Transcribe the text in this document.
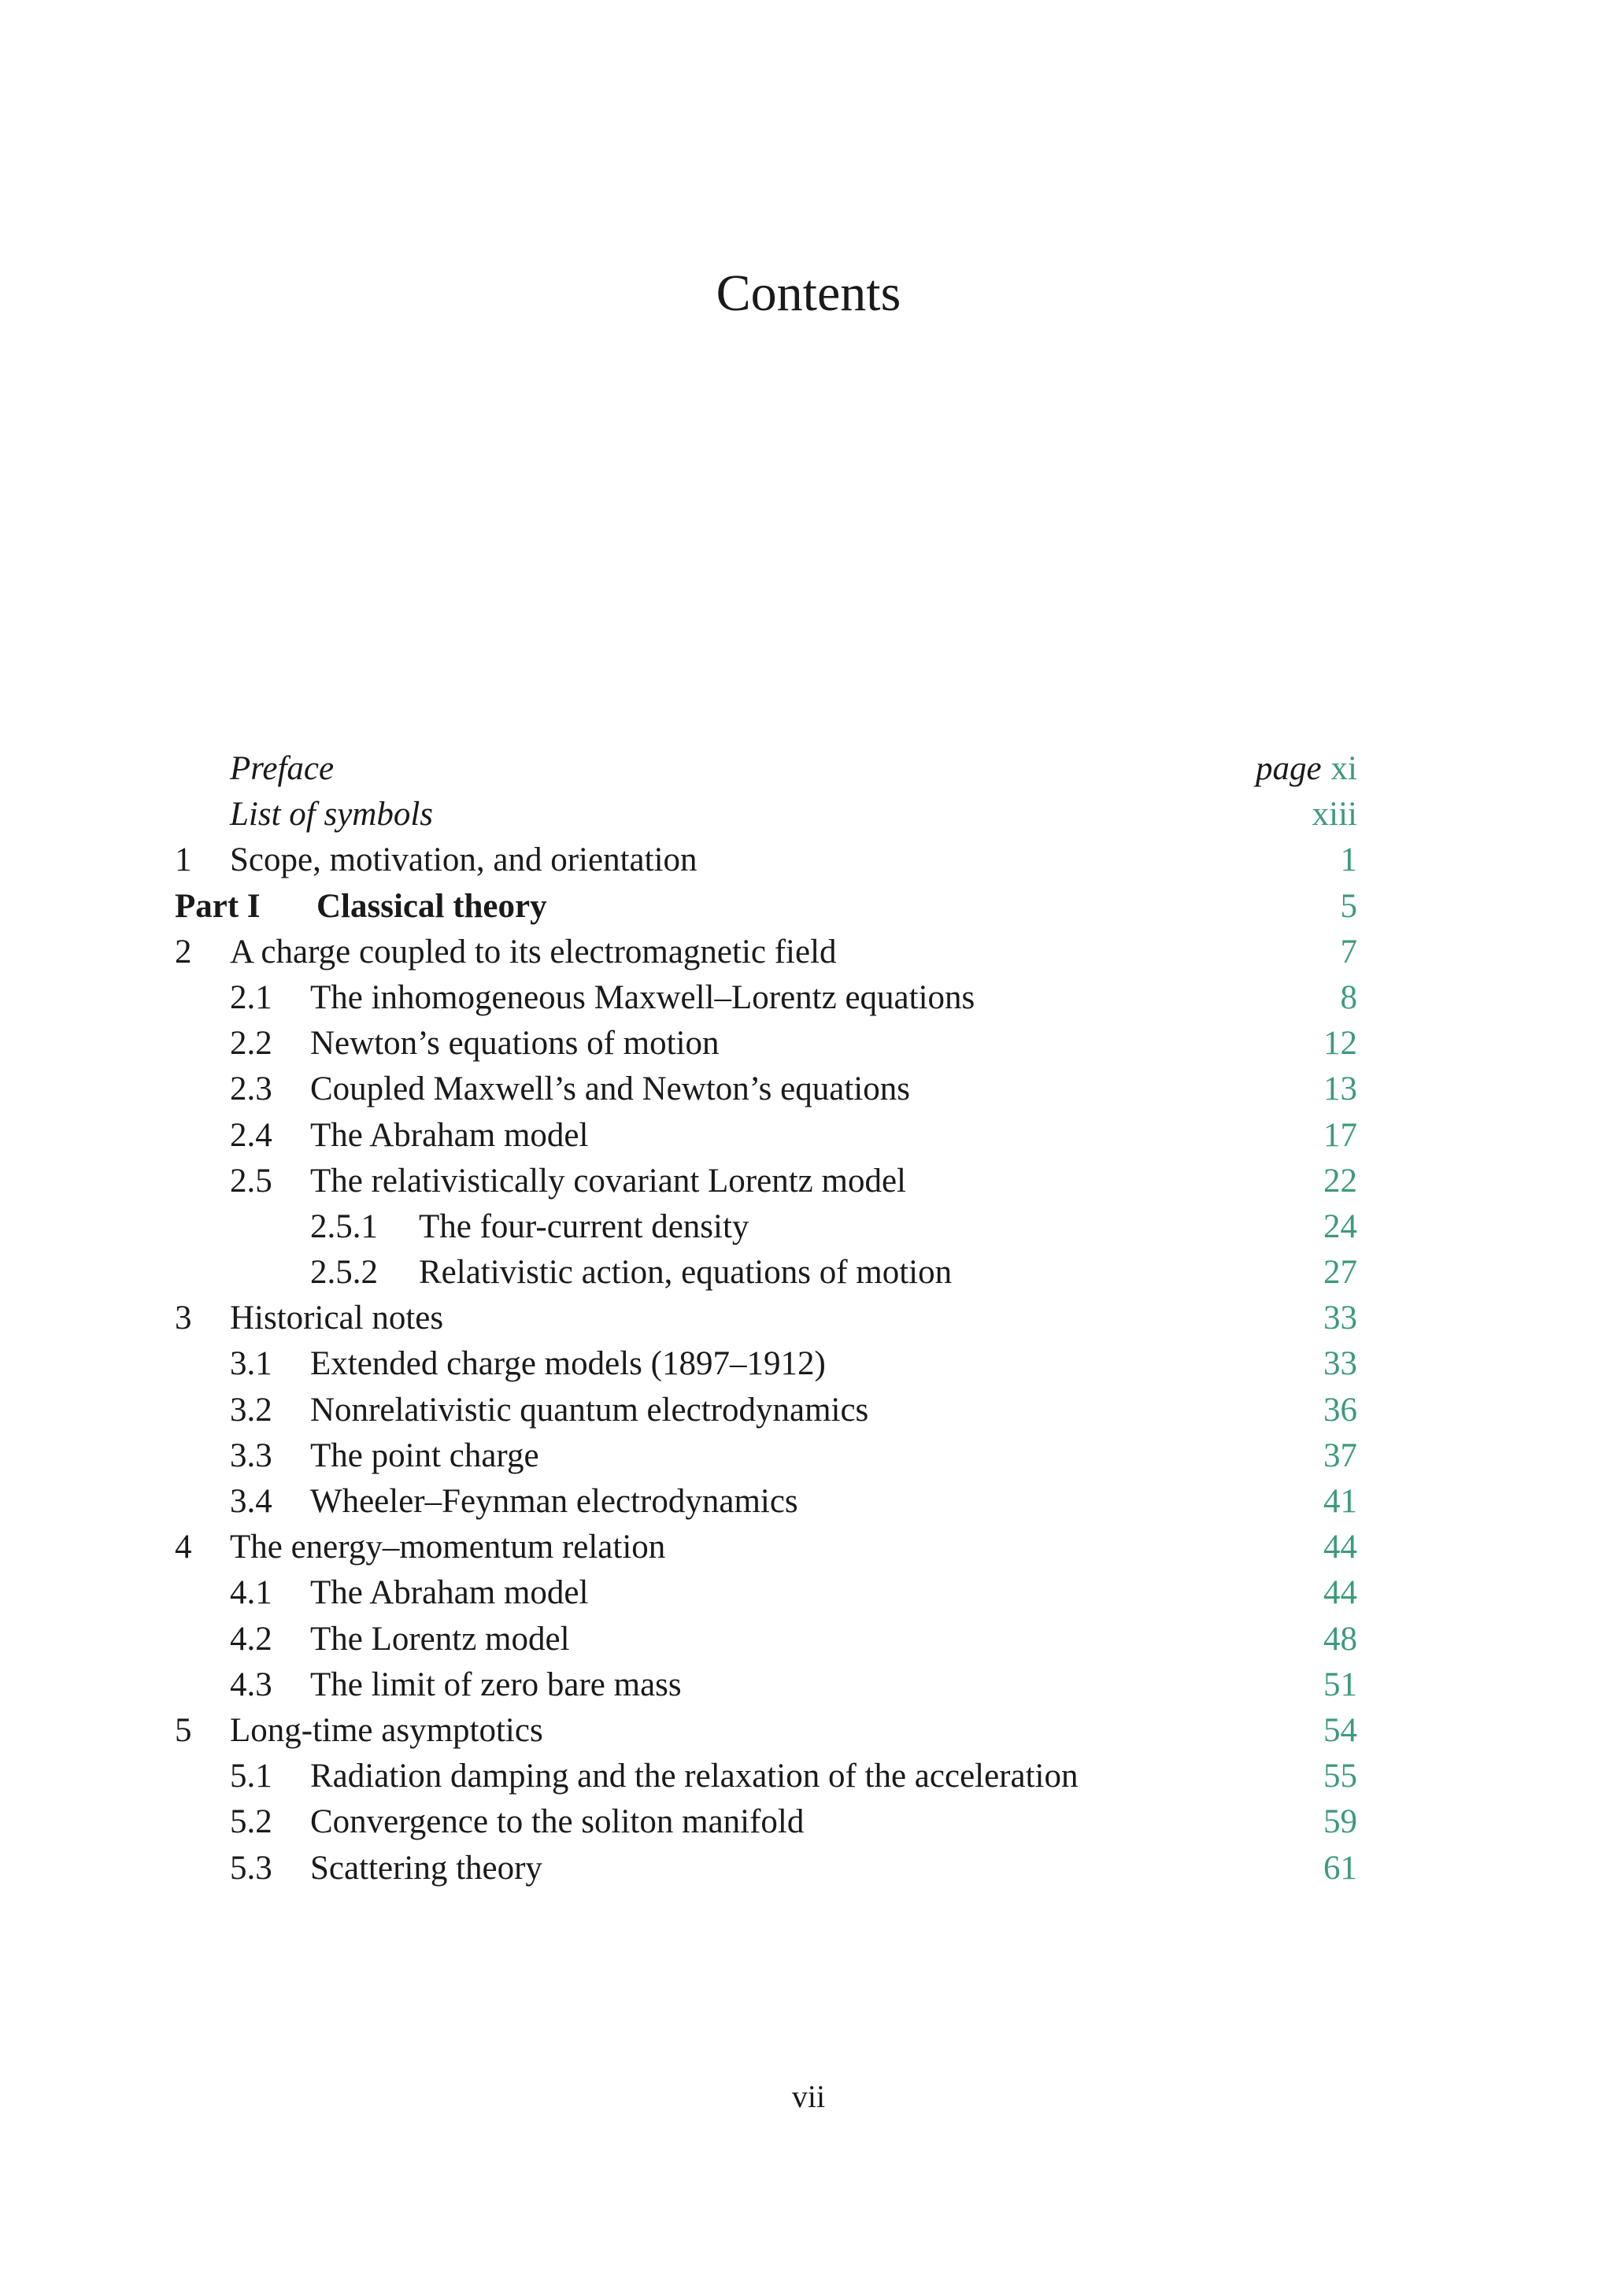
Contents
Preface	page xi
List of symbols	xiii
1 Scope, motivation, and orientation	1
Part I Classical theory	5
2 A charge coupled to its electromagnetic field	7
2.1 The inhomogeneous Maxwell–Lorentz equations	8
2.2 Newton’s equations of motion	12
2.3 Coupled Maxwell’s and Newton’s equations	13
2.4 The Abraham model	17
2.5 The relativistically covariant Lorentz model	22
2.5.1 The four-current density	24
2.5.2 Relativistic action, equations of motion	27
3 Historical notes	33
3.1 Extended charge models (1897–1912)	33
3.2 Nonrelativistic quantum electrodynamics	36
3.3 The point charge	37
3.4 Wheeler–Feynman electrodynamics	41
4 The energy–momentum relation	44
4.1 The Abraham model	44
4.2 The Lorentz model	48
4.3 The limit of zero bare mass	51
5 Long-time asymptotics	54
5.1 Radiation damping and the relaxation of the acceleration	55
5.2 Convergence to the soliton manifold	59
5.3 Scattering theory	61
vii
